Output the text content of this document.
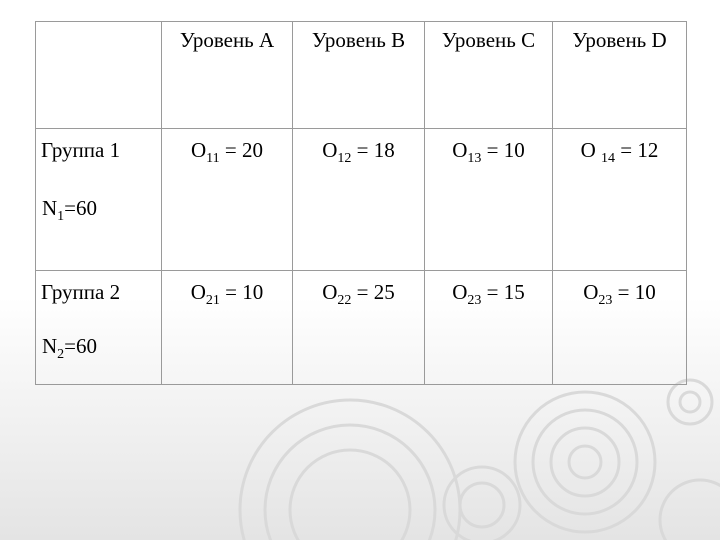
	Уровень A	Уровень B	Уровень C	Уровень D

Группа 1
$N_1=60$	$O_{11} = 20$	$O_{12} = 18$	$O_{13} = 10$	O $_{14}$ = 12

Группа 2
$N_2=60$	$O_{21} = 10$	$O_{22} = 25$	$O_{23} = 15$	$O_{23} = 10$
